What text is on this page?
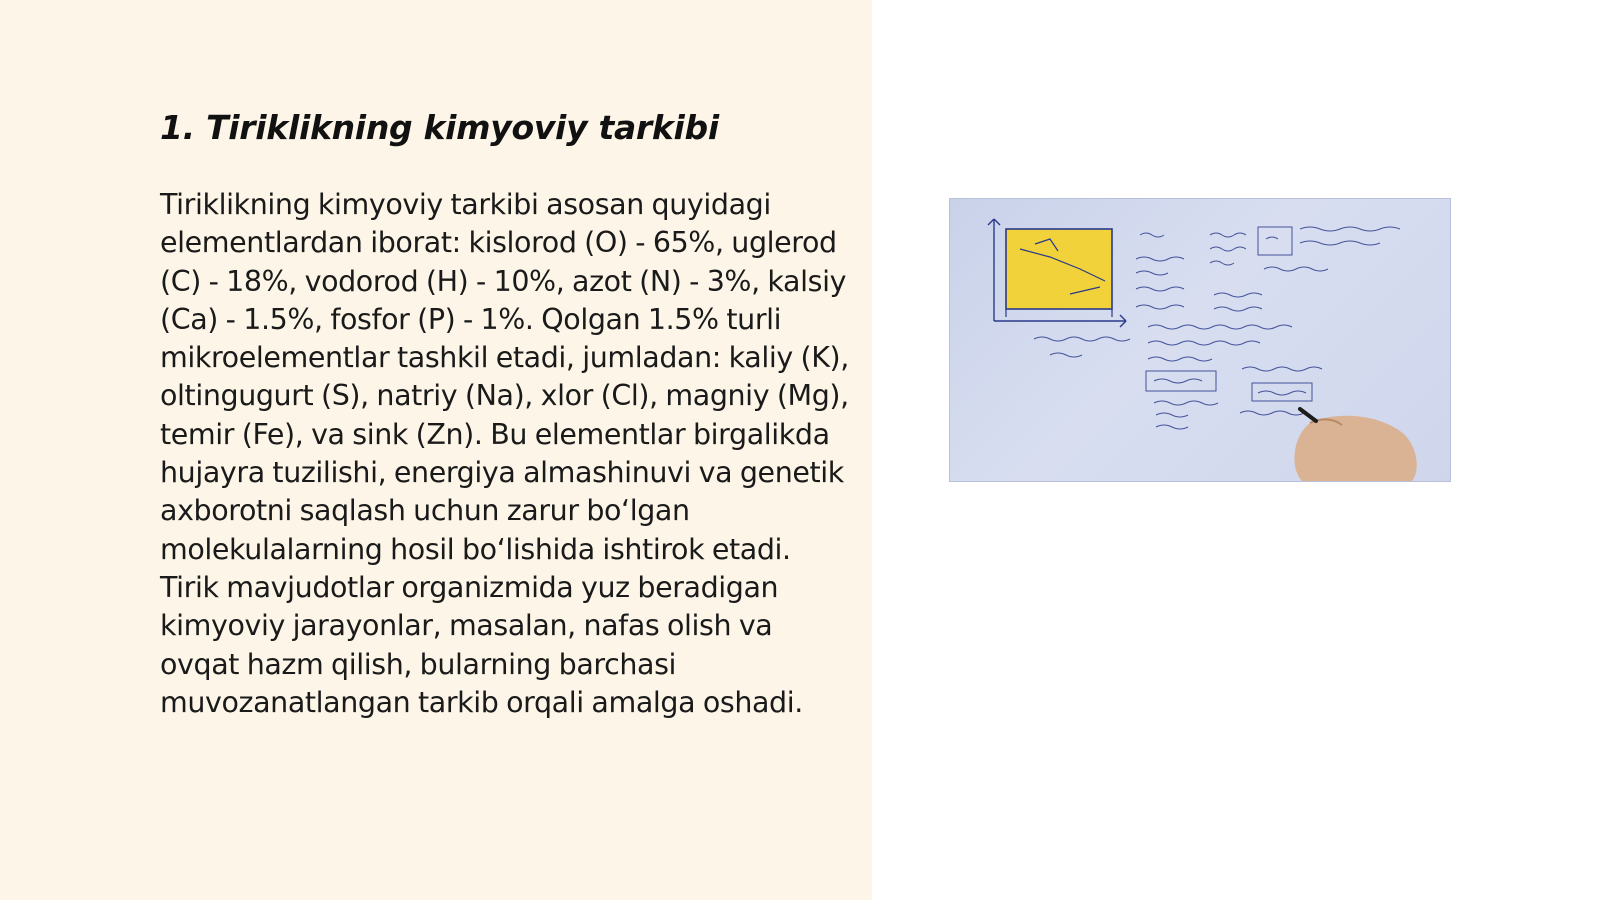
1. Tiriklikning kimyoviy tarkibi

Tiriklikning kimyoviy tarkibi asosan quyidagi elementlardan iborat: kislorod (O) - 65%, uglerod (C) - 18%, vodorod (H) - 10%, azot (N) - 3%, kalsiy (Ca) - 1.5%, fosfor (P) - 1%. Qolgan 1.5% turli mikroelementlar tashkil etadi, jumladan: kaliy (K), oltingugurt (S), natriy (Na), xlor (Cl), magniy (Mg), temir (Fe), va sink (Zn). Bu elementlar birgalikda hujayra tuzilishi, energiya almashinuvi va genetik axborotni saqlash uchun zarur bo‘lgan molekulalarning hosil bo‘lishida ishtirok etadi. Tirik mavjudotlar organizmida yuz beradigan kimyoviy jarayonlar, masalan, nafas olish va ovqat hazm qilish, bularning barchasi muvozanatlangan tarkib orqali amalga oshadi.
